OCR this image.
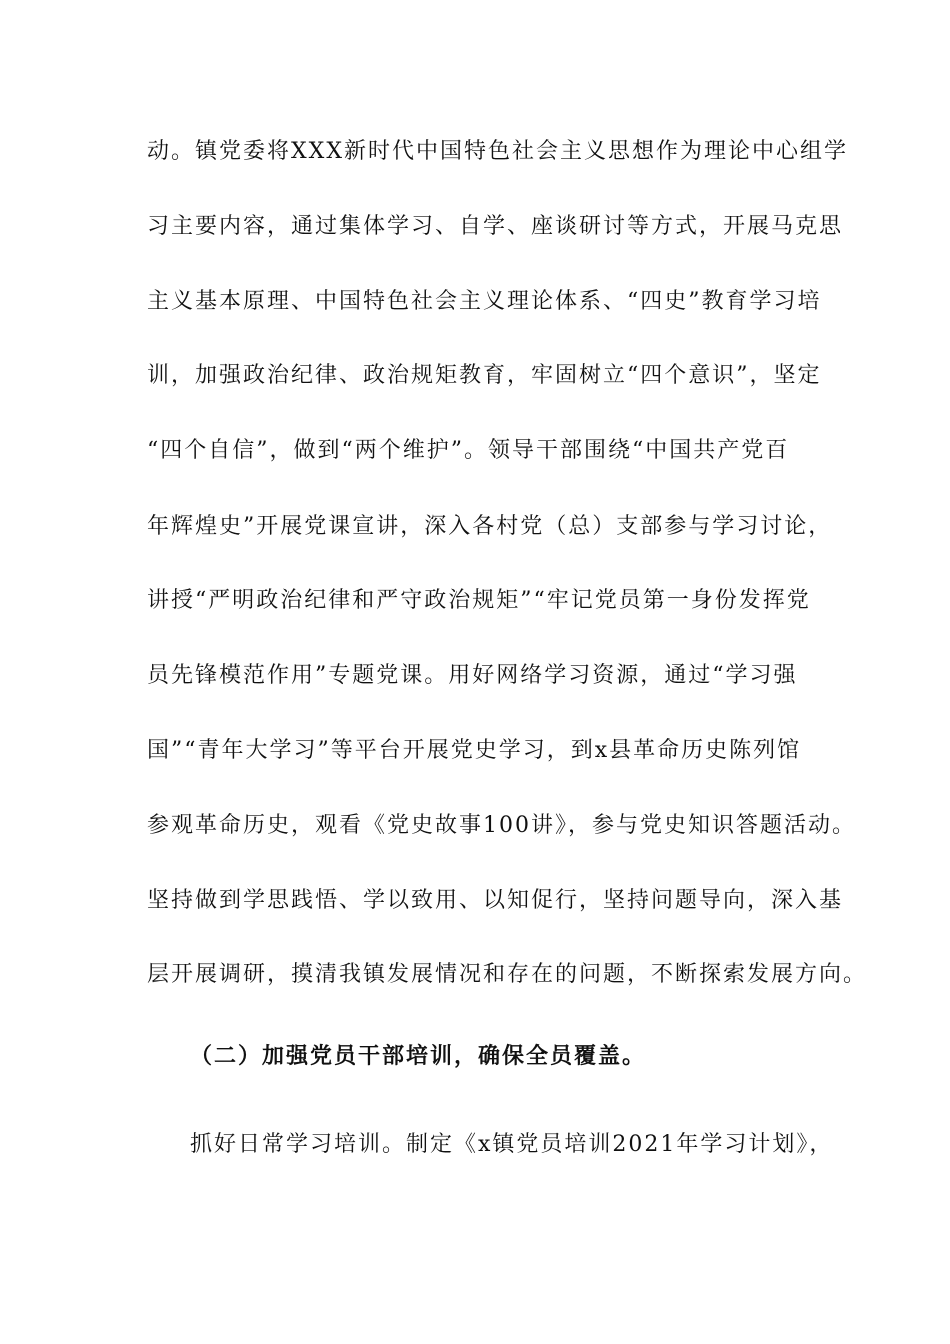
动。镇党委将XXX新时代中国特色社会主义思想作为理论中心组学
习主要内容，通过集体学习、自学、座谈研讨等方式，开展马克思
主义基本原理、中国特色社会主义理论体系、“四史”教育学习培
训，加强政治纪律、政治规矩教育，牢固树立“四个意识”，坚定
“四个自信”，做到“两个维护”。领导干部围绕“中国共产党百
年辉煌史”开展党课宣讲，深入各村党（总）支部参与学习讨论，
讲授“严明政治纪律和严守政治规矩”“牢记党员第一身份发挥党
员先锋模范作用”专题党课。用好网络学习资源，通过“学习强
国”“青年大学习”等平台开展党史学习，到x县革命历史陈列馆
参观革命历史，观看《党史故事100讲》，参与党史知识答题活动。
坚持做到学思践悟、学以致用、以知促行，坚持问题导向，深入基
层开展调研，摸清我镇发展情况和存在的问题，不断探索发展方向。
（二）加强党员干部培训，确保全员覆盖。
抓好日常学习培训。制定《x镇党员培训2021年学习计划》，
